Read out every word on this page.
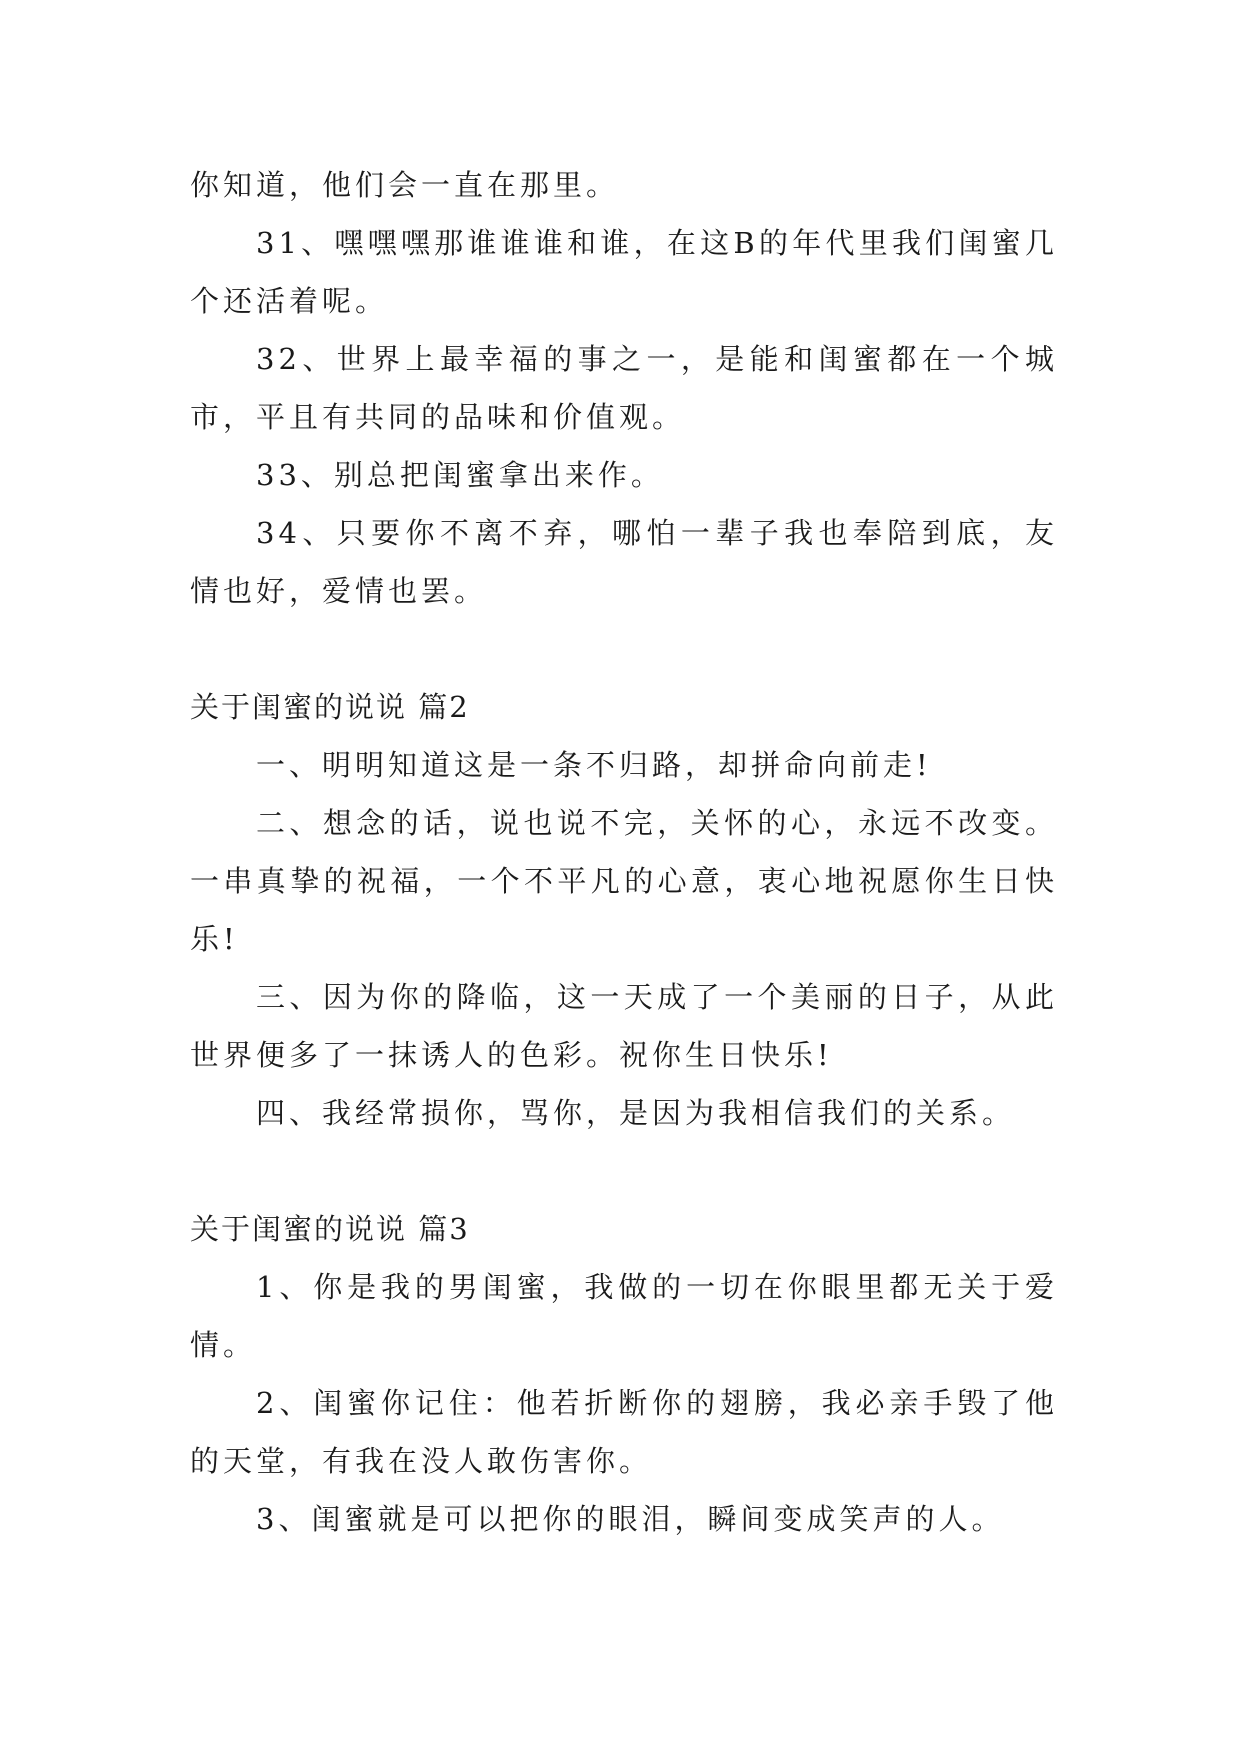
你知道，他们会一直在那里。

31、嘿嘿嘿那谁谁谁和谁，在这B的年代里我们闺蜜几个还活着呢。

32、世界上最幸福的事之一，是能和闺蜜都在一个城市，平且有共同的品味和价值观。

33、别总把闺蜜拿出来作。

34、只要你不离不弃，哪怕一辈子我也奉陪到底，友情也好，爱情也罢。

关于闺蜜的说说 篇2

一、明明知道这是一条不归路，却拼命向前走!

二、想念的话，说也说不完，关怀的心，永远不改变。一串真挚的祝福，一个不平凡的心意，衷心地祝愿你生日快乐!

三、因为你的降临，这一天成了一个美丽的日子，从此世界便多了一抹诱人的色彩。祝你生日快乐!

四、我经常损你，骂你，是因为我相信我们的关系。

关于闺蜜的说说 篇3

1、你是我的男闺蜜，我做的一切在你眼里都无关于爱情。

2、闺蜜你记住：他若折断你的翅膀，我必亲手毁了他的天堂，有我在没人敢伤害你。

3、闺蜜就是可以把你的眼泪，瞬间变成笑声的人。
